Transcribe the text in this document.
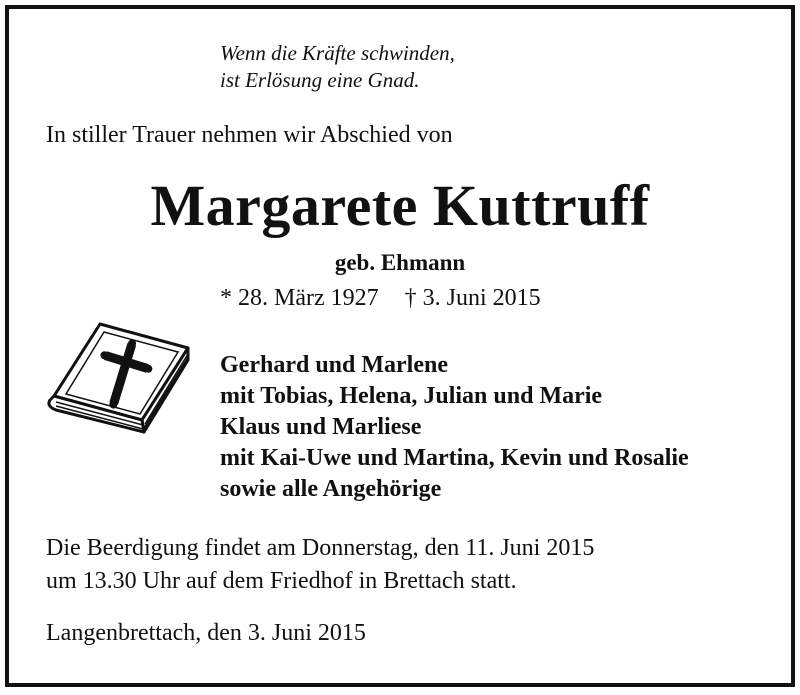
Wenn die Kräfte schwinden,
ist Erlösung eine Gnad.
In stiller Trauer nehmen wir Abschied von
Margarete Kuttruff
geb. Ehmann
* 28. März 1927 † 3. Juni 2015
Gerhard und Marlene
mit Tobias, Helena, Julian und Marie
Klaus und Marliese
mit Kai-Uwe und Martina, Kevin und Rosalie
sowie alle Angehörige
Die Beerdigung findet am Donnerstag, den 11. Juni 2015
um 13.30 Uhr auf dem Friedhof in Brettach statt.
Langenbrettach, den 3. Juni 2015
